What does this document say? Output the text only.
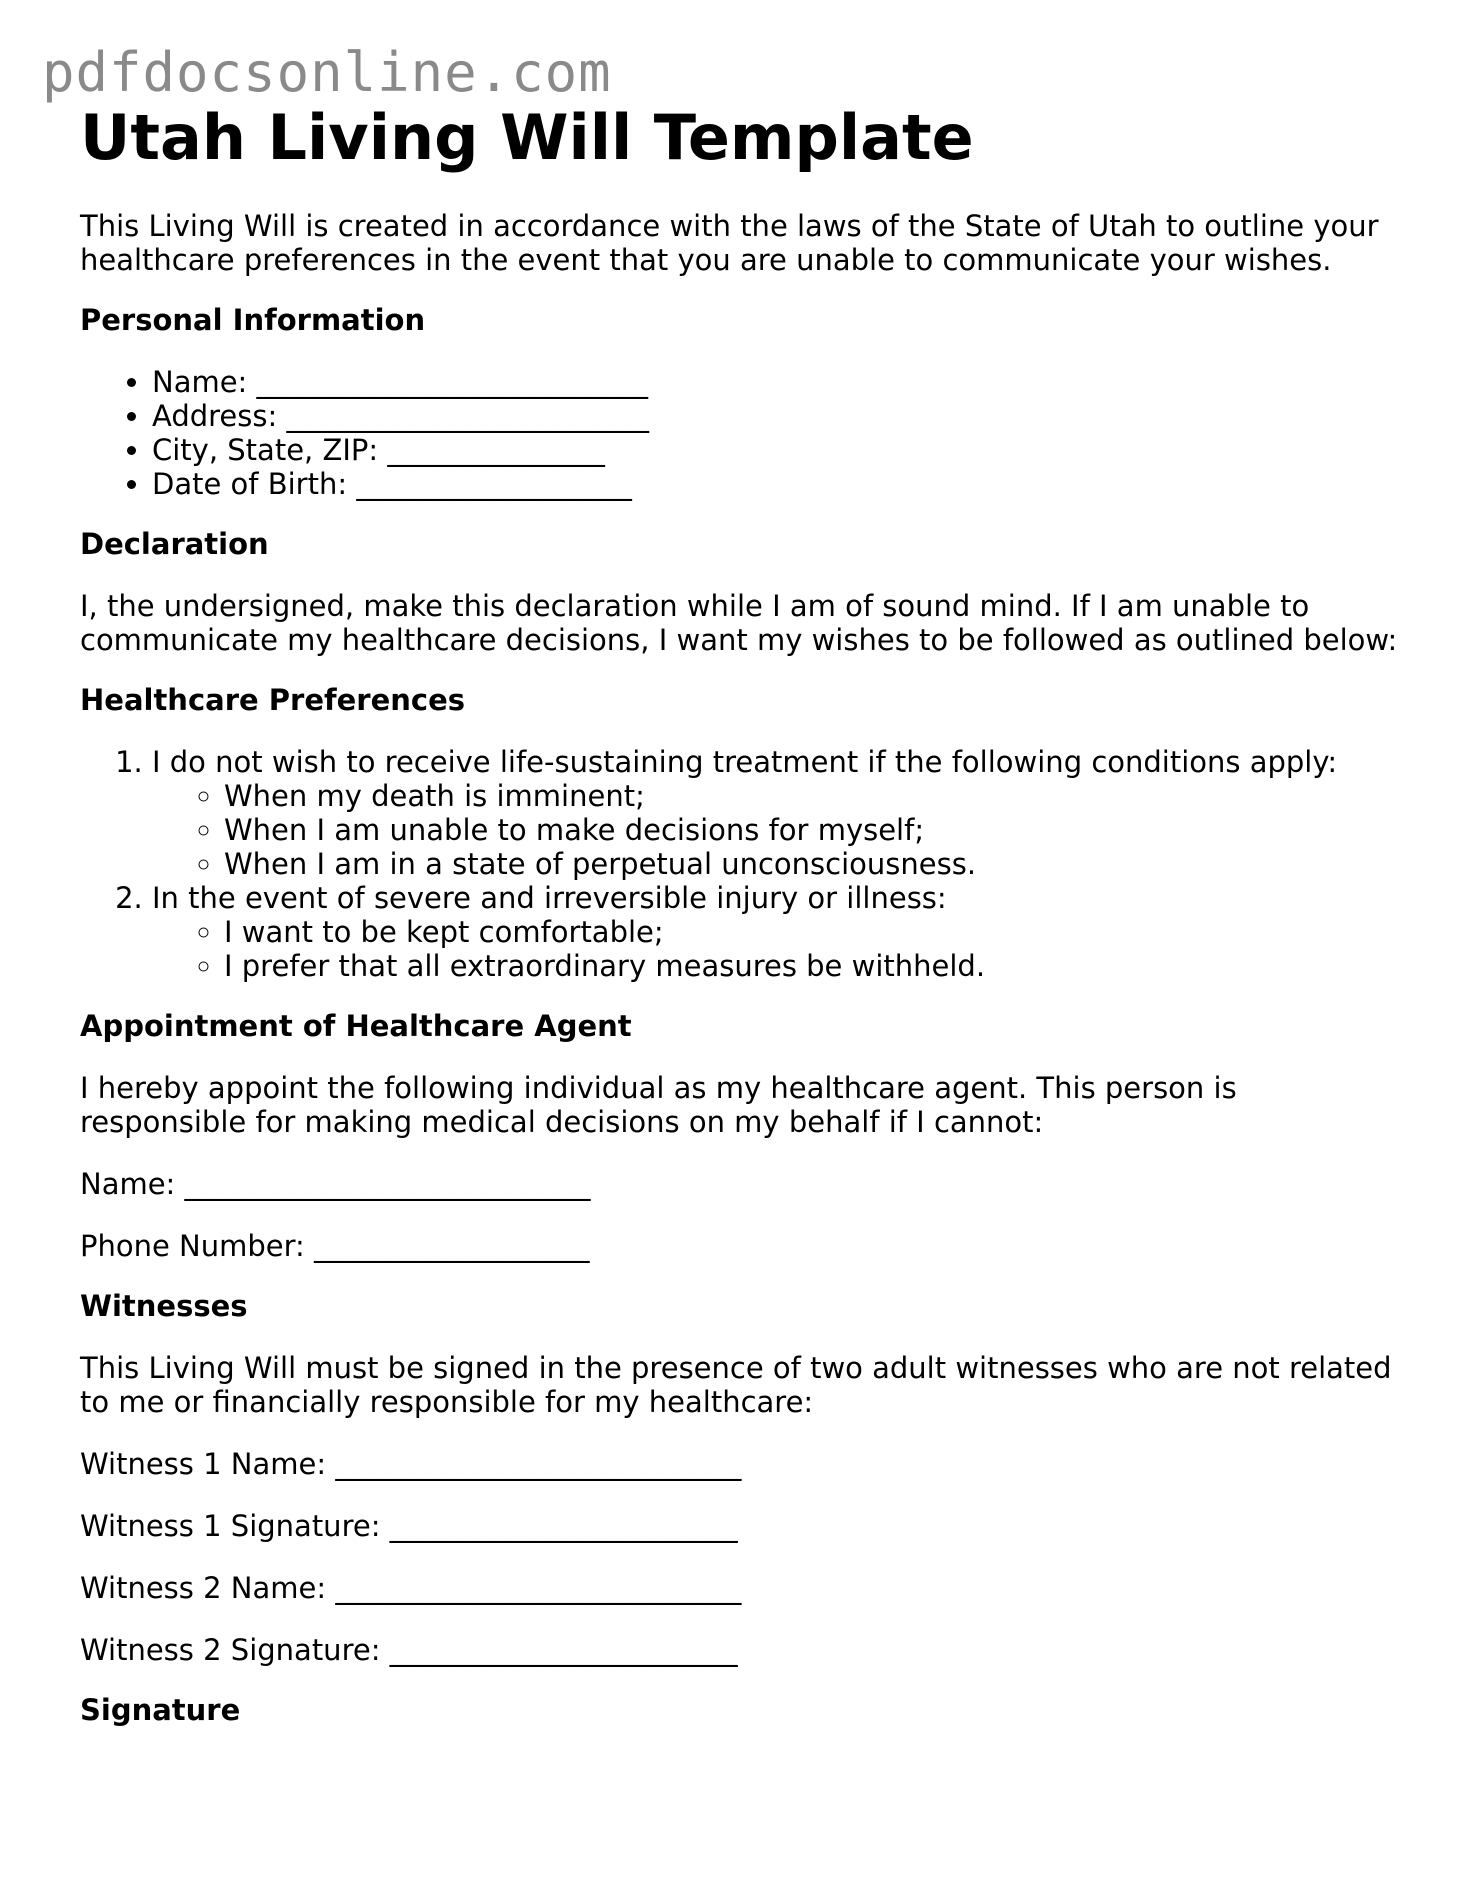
pdfdocsonline.com
Utah Living Will Template

This Living Will is created in accordance with the laws of the State of Utah to outline your healthcare preferences in the event that you are unable to communicate your wishes.

Personal Information
• Name: ___________________________
• Address: _________________________
• City, State, ZIP: _______________
• Date of Birth: ___________________
Declaration

I, the undersigned, make this declaration while I am of sound mind. If I am unable to communicate my healthcare decisions, I want my wishes to be followed as outlined below:

Healthcare Preferences
1. I do not wish to receive life-sustaining treatment if the following conditions apply:
◦ When my death is imminent;
◦ When I am unable to make decisions for myself;
◦ When I am in a state of perpetual unconsciousness.
2. In the event of severe and irreversible injury or illness:
◦ I want to be kept comfortable;
◦ I prefer that all extraordinary measures be withheld.
Appointment of Healthcare Agent

I hereby appoint the following individual as my healthcare agent. This person is responsible for making medical decisions on my behalf if I cannot:

Name: ____________________________

Phone Number: ___________________

Witnesses

This Living Will must be signed in the presence of two adult witnesses who are not related to me or financially responsible for my healthcare:

Witness 1 Name: ____________________________

Witness 1 Signature: ________________________

Witness 2 Name: ____________________________

Witness 2 Signature: ________________________

Signature
